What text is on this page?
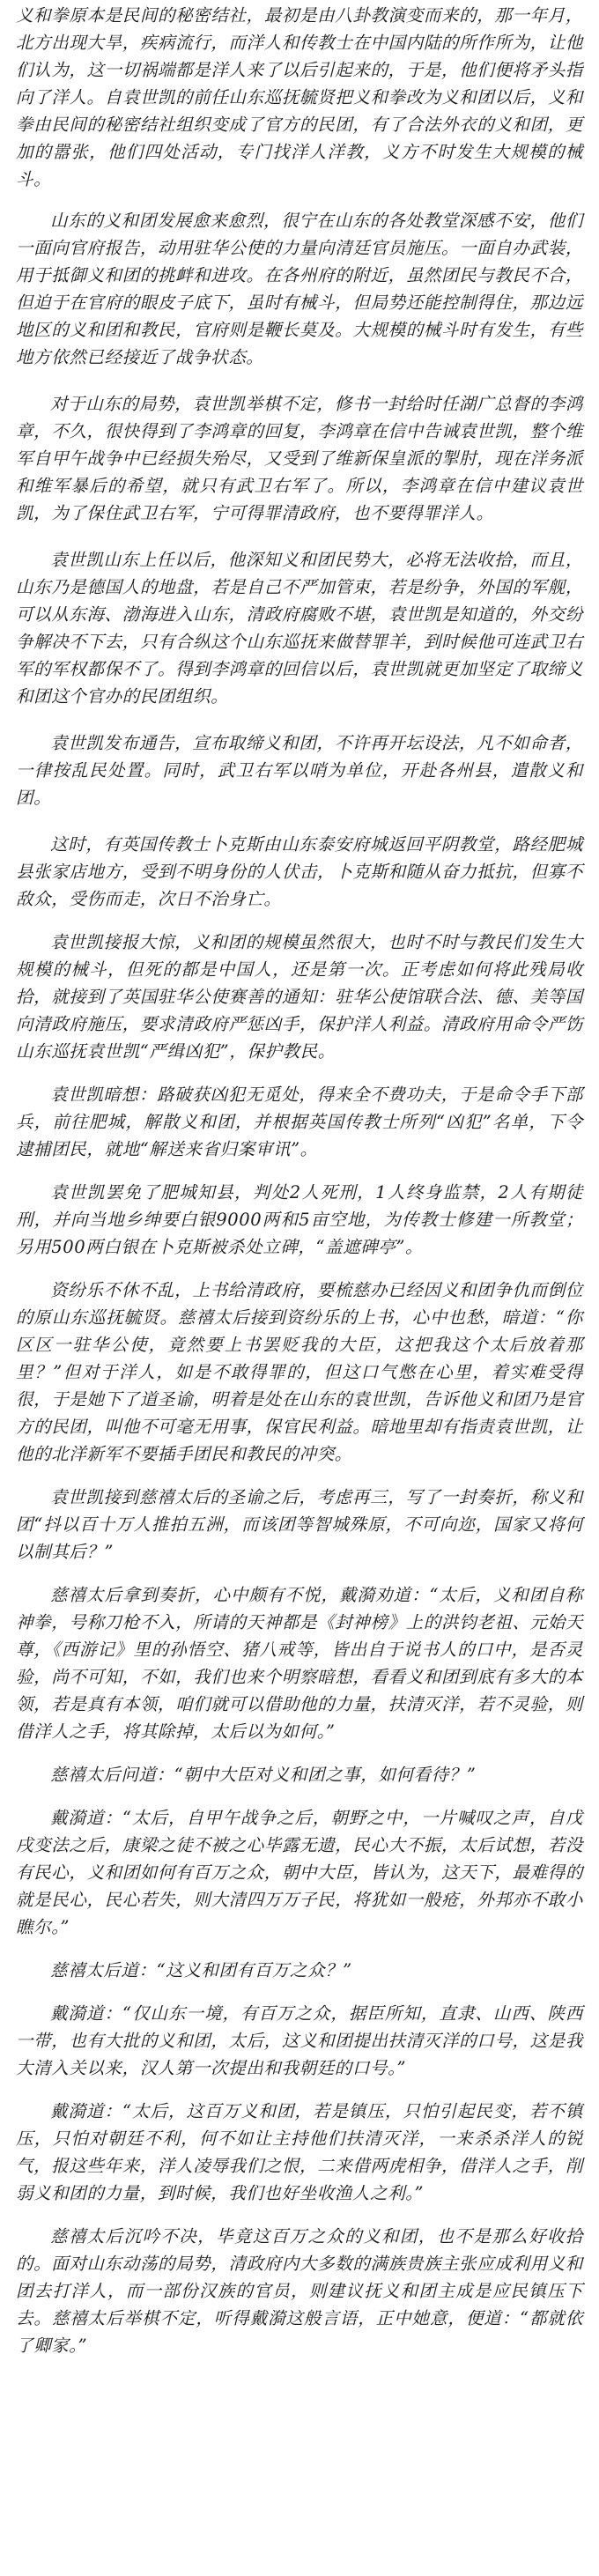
义和拳原本是民间的秘密结社，最初是由八卦教演变而来的，那一年月，北方出现大旱，疾病流行，而洋人和传教士在中国内陆的所作所为，让他们认为，这一切祸端都是洋人来了以后引起来的，于是，他们便将矛头指向了洋人。自袁世凯的前任山东巡抚毓贤把义和拳改为义和团以后，义和拳由民间的秘密结社组织变成了官方的民团，有了合法外衣的义和团，更加的嚣张，他们四处活动，专门找洋人洋教，义方不时发生大规模的械斗。

山东的义和团发展愈来愈烈，很宁在山东的各处教堂深感不安，他们一面向官府报告，动用驻华公使的力量向清廷官员施压。一面自办武装，用于抵御义和团的挑衅和进攻。在各州府的附近，虽然团民与教民不合，但迫于在官府的眼皮子底下，虽时有械斗，但局势还能控制得住，那边远地区的义和团和教民，官府则是鞭长莫及。大规模的械斗时有发生，有些地方依然已经接近了战争状态。

对于山东的局势，袁世凯举棋不定，修书一封给时任湖广总督的李鸿章，不久，很快得到了李鸿章的回复，李鸿章在信中告诫袁世凯，整个维军自甲午战争中已经损失殆尽，又受到了维新保皇派的掣肘，现在洋务派和维军暴后的希望，就只有武卫右军了。所以，李鸿章在信中建议袁世凯，为了保住武卫右军，宁可得罪清政府，也不要得罪洋人。

袁世凯山东上任以后，他深知义和团民势大，必将无法收拾，而且，山东乃是德国人的地盘，若是自己不严加管束，若是纷争，外国的军舰，可以从东海、渤海进入山东，清政府腐败不堪，袁世凯是知道的，外交纷争解决不下去，只有合纵这个山东巡抚来做替罪羊，到时候他可连武卫右军的军权都保不了。得到李鸿章的回信以后，袁世凯就更加坚定了取缔义和团这个官办的民团组织。

袁世凯发布通告，宣布取缔义和团，不许再开坛设法，凡不如命者，一律按乱民处置。同时，武卫右军以哨为单位，开赴各州县，遣散义和团。

这时，有英国传教士卜克斯由山东泰安府城返回平阴教堂，路经肥城县张家店地方，受到不明身份的人伏击，卜克斯和随从奋力抵抗，但寡不敌众，受伤而走，次日不治身亡。

袁世凯接报大惊，义和团的规模虽然很大，也时不时与教民们发生大规模的械斗，但死的都是中国人，还是第一次。正考虑如何将此残局收拾，就接到了英国驻华公使赛善的通知：驻华公使馆联合法、德、美等国向清政府施压，要求清政府严惩凶手，保护洋人利益。清政府用命令严饬山东巡抚袁世凯“严缉凶犯”，保护教民。

袁世凯暗想：路破获凶犯无觅处，得来全不费功夫，于是命令手下部兵，前往肥城，解散义和团，并根据英国传教士所列“凶犯”名单，下令逮捕团民，就地“解送来省归案审讯”。

袁世凯罢免了肥城知县，判处2人死刑，1人终身监禁，2人有期徒刑，并向当地乡绅要白银9000两和5亩空地，为传教士修建一所教堂；另用500两白银在卜克斯被杀处立碑，“盖遮碑亭”。

资纷乐不休不乱，上书给清政府，要梳慈办已经因义和团争仇而倒位的原山东巡抚毓贤。慈禧太后接到资纷乐的上书，心中也愁，暗道：“你区区一驻华公使，竟然要上书罢贬我的大臣，这把我这个太后放着那里？”但对于洋人，如是不敢得罪的，但这口气憋在心里，着实难受得很，于是她下了道圣谕，明着是处在山东的袁世凯，告诉他义和团乃是官方的民团，叫他不可毫无用事，保官民利益。暗地里却有指责袁世凯，让他的北洋新军不要插手团民和教民的冲突。

袁世凯接到慈禧太后的圣谕之后，考虑再三，写了一封奏折，称义和团“抖以百十万人推拍五洲，而该团等智城殊原，不可向迩，国家又将何以制其后？”

慈禧太后拿到奏折，心中颇有不悦，戴漪劝道：“太后，义和团自称神拳，号称刀枪不入，所请的天神都是《封神榜》上的洪钧老祖、元始天尊，《西游记》里的孙悟空、猪八戒等，皆出自于说书人的口中，是否灵验，尚不可知，不如，我们也来个明察暗想，看看义和团到底有多大的本领，若是真有本领，咱们就可以借助他的力量，扶清灭洋，若不灵验，则借洋人之手，将其除掉，太后以为如何。”

慈禧太后问道：“朝中大臣对义和团之事，如何看待？”

戴漪道：“太后，自甲午战争之后，朝野之中，一片喊叹之声，自戊戌变法之后，康梁之徒不被之心毕露无遗，民心大不振，太后试想，若没有民心，义和团如何有百万之众，朝中大臣，皆认为，这天下，最难得的就是民心，民心若失，则大清四万万子民，将犹如一般疮，外邦亦不敢小瞧尔。”

慈禧太后道：“这义和团有百万之众？”

戴漪道：“仅山东一境，有百万之众，据臣所知，直隶、山西、陕西一带，也有大批的义和团，太后，这义和团提出扶清灭洋的口号，这是我大清入关以来，汉人第一次提出和我朝廷的口号。”

戴漪道：“太后，这百万义和团，若是镇压，只怕引起民变，若不镇压，只怕对朝廷不利，何不如让主持他们扶清灭洋，一来杀杀洋人的锐气，报这些年来，洋人凌辱我们之恨，二来借两虎相争，借洋人之手，削弱义和团的力量，到时候，我们也好坐收渔人之利。”

慈禧太后沉吟不决，毕竟这百万之众的义和团，也不是那么好收拾的。面对山东动荡的局势，清政府内大多数的满族贵族主张应成利用义和团去打洋人，而一部份汉族的官员，则建议抚义和团主成是应民镇压下去。慈禧太后举棋不定，听得戴漪这般言语，正中她意，便道：“都就依了卿家。”
